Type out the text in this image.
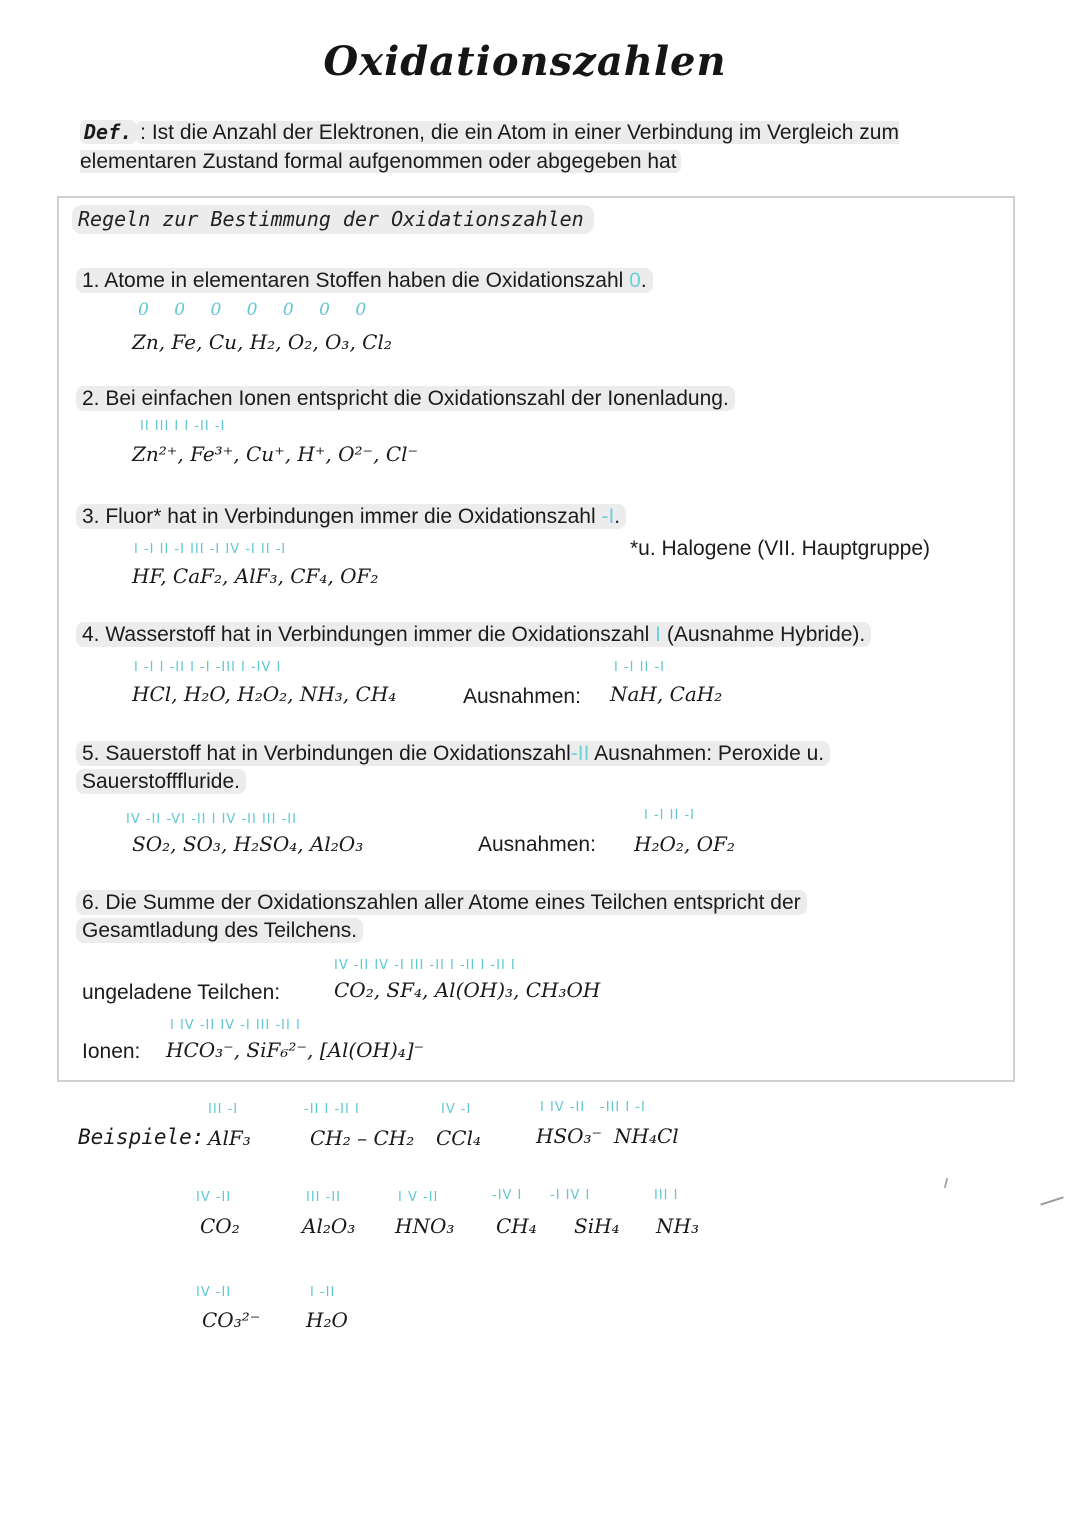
Oxidationszahlen
Def. : Ist die Anzahl der Elektronen, die ein Atom in einer Verbindung im Vergleich zum elementaren Zustand formal aufgenommen oder abgegeben hat
Regeln zur Bestimmung der Oxidationszahlen
1. Atome in elementaren Stoffen haben die Oxidationszahl 0.
0 0 0 0 0 0 0
Zn, Fe, Cu, H₂, O₂, O₃, Cl₂
2. Bei einfachen Ionen entspricht die Oxidationszahl der Ionenladung.
II III I I -II -I
Zn²⁺, Fe³⁺, Cu⁺, H⁺, O²⁻, Cl⁻
3. Fluor* hat in Verbindungen immer die Oxidationszahl -I.
*u. Halogene (VII. Hauptgruppe)
I -I II -I III -I IV -I II -I
HF, CaF₂, AlF₃, CF₄, OF₂
4. Wasserstoff hat in Verbindungen immer die Oxidationszahl I (Ausnahme Hybride).
I -I I -II I -I -III I -IV I
HCl, H₂O, H₂O₂, NH₃, CH₄	Ausnahmen:
I -I II -I
NaH, CaH₂
5. Sauerstoff hat in Verbindungen die Oxidationszahl-II Ausnahmen: Peroxide u.
Sauerstofffluride.
IV -II -VI -II I IV -II III -II
SO₂, SO₃, H₂SO₄, Al₂O₃	Ausnahmen:
I -I II -I
H₂O₂, OF₂
6. Die Summe der Oxidationszahlen aller Atome eines Teilchen entspricht der
Gesamtladung des Teilchens.
ungeladene Teilchen:
IV -II IV -I III -II I -II I -II I
CO₂, SF₄, Al(OH)₃, CH₃OH
Ionen:
I IV -II IV -I III -II I
HCO₃⁻, SiF₆²⁻, [Al(OH)₄]⁻
Beispiele:
III -I
AlF₃
-II I -II I
CH₂ – CH₂
IV -I
CCl₄
I IV -II
HSO₃⁻
-III I -I
NH₄Cl
IV -II
CO₂
III -II
Al₂O₃
I V -II
HNO₃
-IV I
CH₄
-I IV I
SiH₄
III I
NH₃
IV -II
CO₃²⁻
I -II
H₂O
